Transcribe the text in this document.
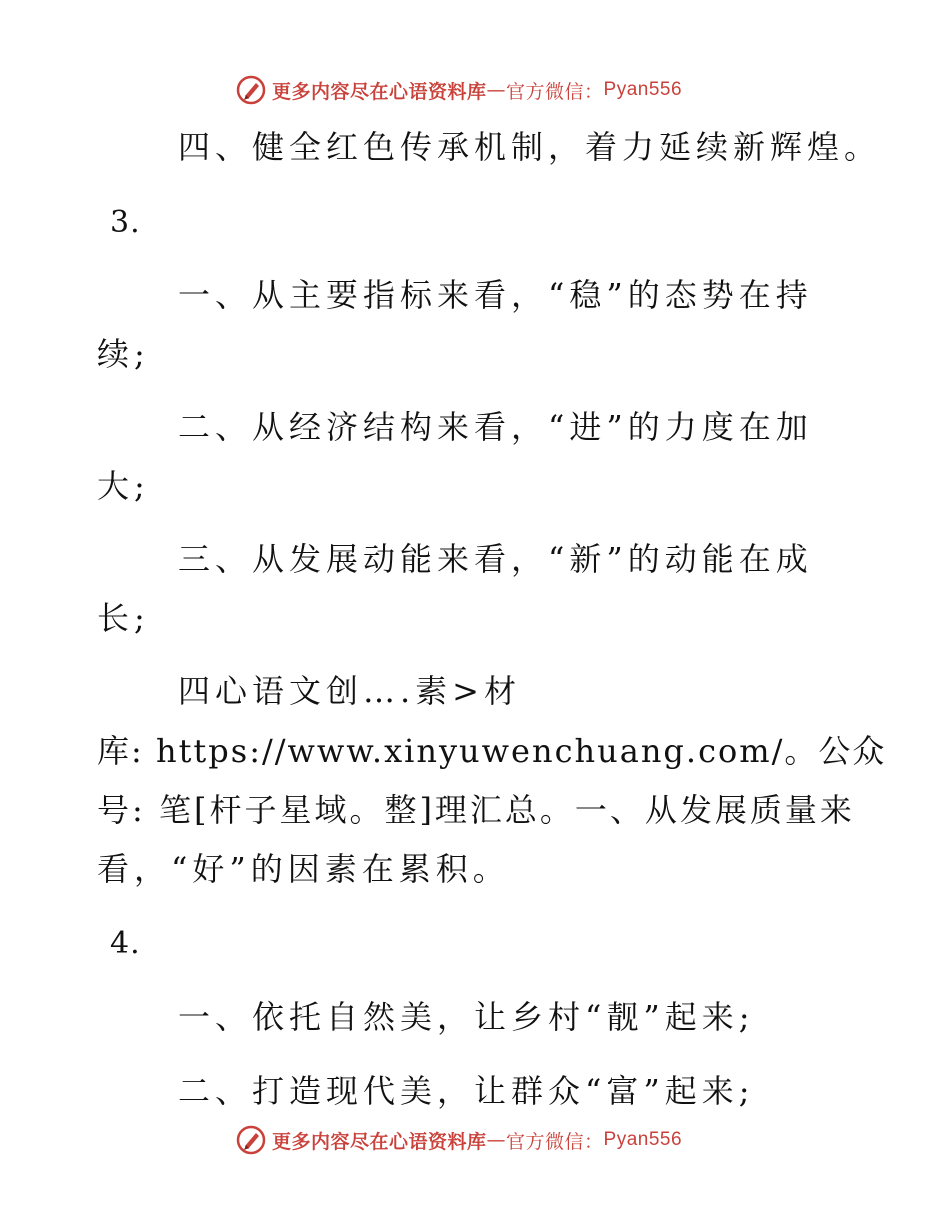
更多内容尽在心语资料库 — 官方微信： Pyan556
四、健全红色传承机制，着力延续新辉煌。
3.
一、从主要指标来看，“稳”的态势在持
续;
二、从经济结构来看，“进”的力度在加
大;
三、从发展动能来看，“新”的动能在成
长;
四心语文创….素>材
库: https://www.xinyuwenchuang.com/。公众
号: 笔[杆子星域。整]理汇总。一、从发展质量来
看，“好”的因素在累积。
4.
一、依托自然美，让乡村“靓”起来;
二、打造现代美，让群众“富”起来;
更多内容尽在心语资料库 — 官方微信： Pyan556
